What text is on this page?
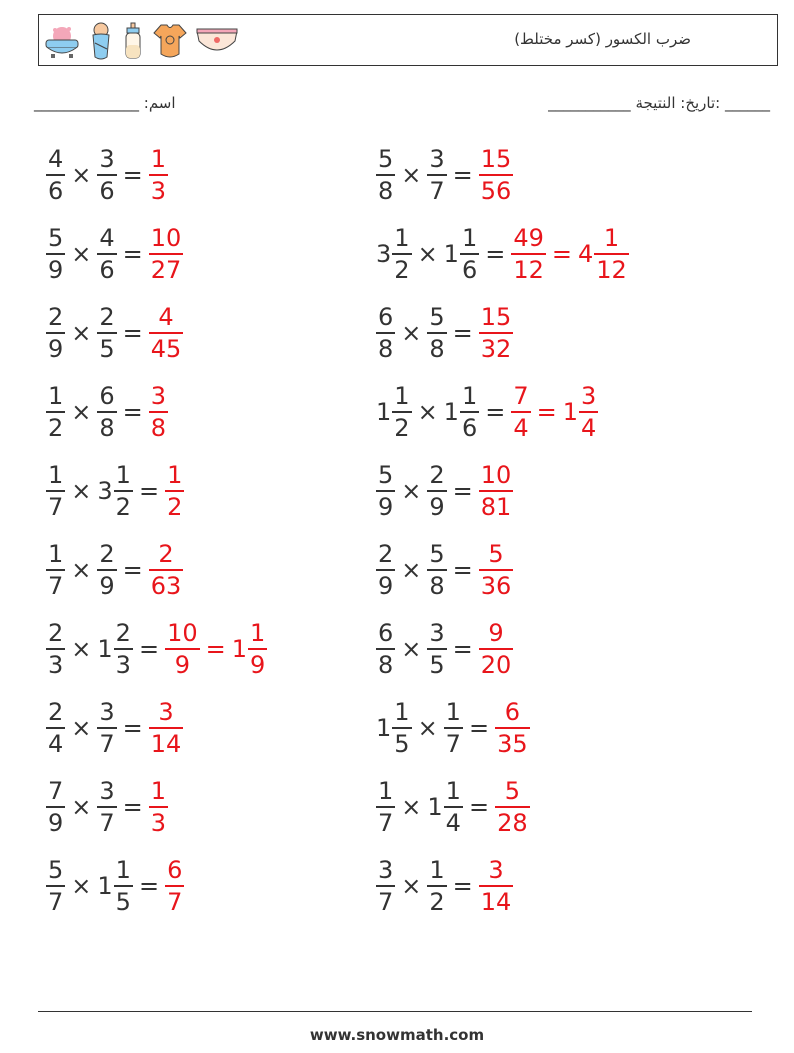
ضرب الكسور (كسر مختلط)
______ :تاريخ: النتيجة ___________
اسم: ______________
$\frac{4}{6} \times \frac{3}{6} = \frac{1}{3}$	$\frac{5}{8} \times \frac{3}{7} = \frac{15}{56}$
$\frac{5}{9} \times \frac{4}{6} = \frac{10}{27}$	$3 \frac{1}{2} \times 1 \frac{1}{6} = \frac{49}{12} = 4 \frac{1}{12}$
$\frac{2}{9} \times \frac{2}{5} = \frac{4}{45}$	$\frac{6}{8} \times \frac{5}{8} = \frac{15}{32}$
$\frac{1}{2} \times \frac{6}{8} = \frac{3}{8}$	$1 \frac{1}{2} \times 1 \frac{1}{6} = \frac{7}{4} = 1 \frac{3}{4}$
$\frac{1}{7} \times 3 \frac{1}{2} = \frac{1}{2}$	$\frac{5}{9} \times \frac{2}{9} = \frac{10}{81}$
$\frac{1}{7} \times \frac{2}{9} = \frac{2}{63}$	$\frac{2}{9} \times \frac{5}{8} = \frac{5}{36}$
$\frac{2}{3} \times 1 \frac{2}{3} = \frac{10}{9} = 1 \frac{1}{9}$	$\frac{6}{8} \times \frac{3}{5} = \frac{9}{20}$
$\frac{2}{4} \times \frac{3}{7} = \frac{3}{14}$	$1 \frac{1}{5} \times \frac{1}{7} = \frac{6}{35}$
$\frac{7}{9} \times \frac{3}{7} = \frac{1}{3}$	$\frac{1}{7} \times 1 \frac{1}{4} = \frac{5}{28}$
$\frac{5}{7} \times 1 \frac{1}{5} = \frac{6}{7}$	$\frac{3}{7} \times \frac{1}{2} = \frac{3}{14}$
www.snowmath.com
